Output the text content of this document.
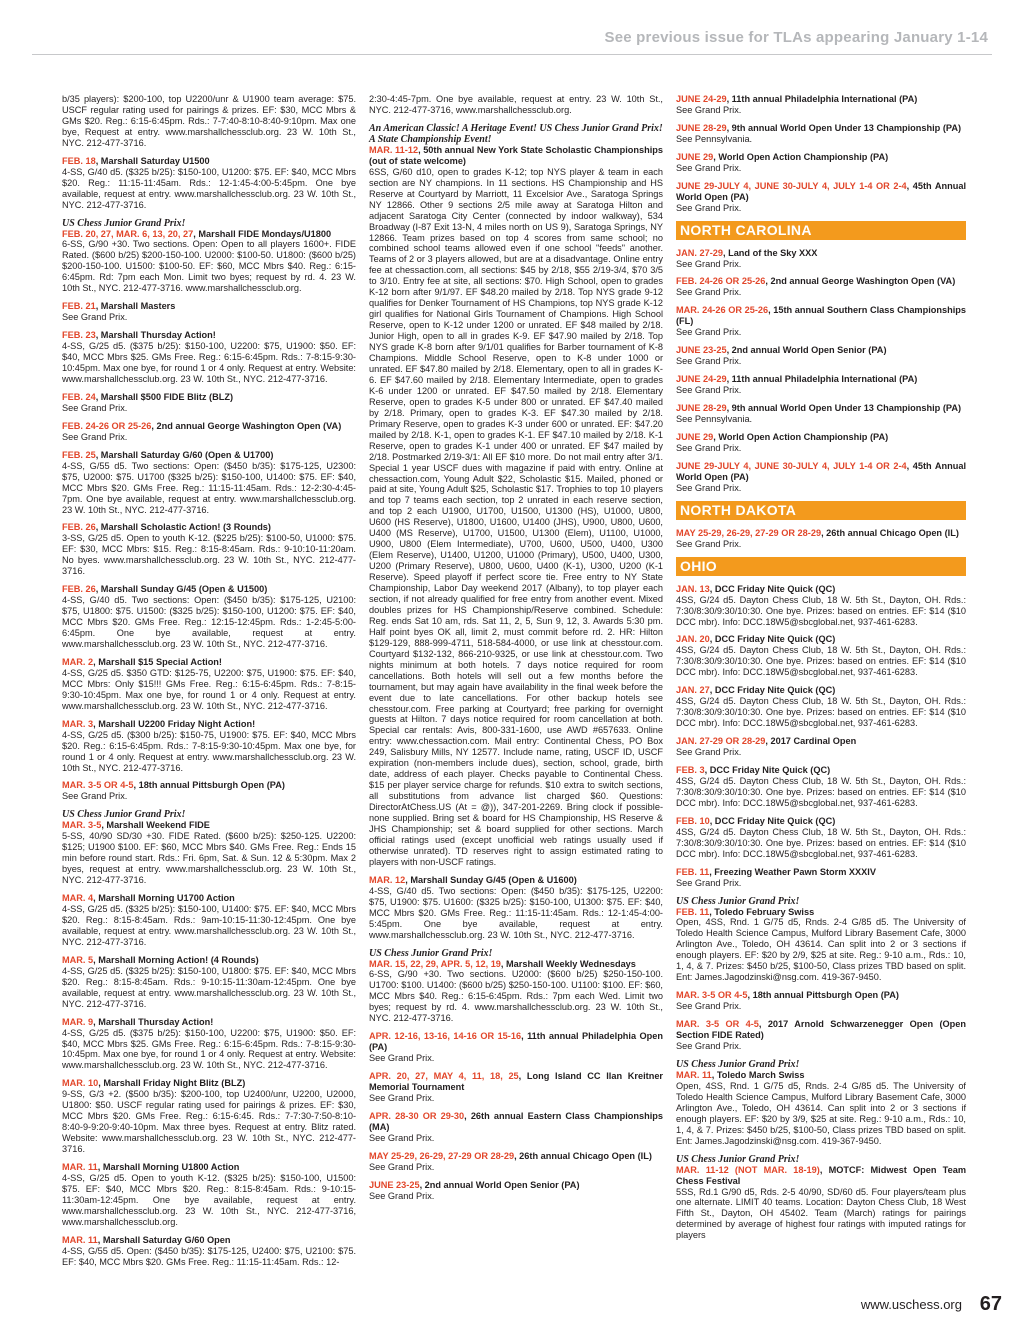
See previous issue for TLAs appearing January 1-14

b/35 players): $200-100, top U2200/unr & U1900 team average: $75. USCF regular rating used for pairings & prizes. EF: $30, MCC Mbrs & GMs $20. Reg.: 6:15-6:45pm. Rds.: 7-7:40-8:10-8:40-9:10pm. Max one bye, Request at entry. www.marshallchessclub.org. 23 W. 10th St., NYC. 212-477-3716.

FEB. 18, Marshall Saturday U1500
4-SS, G/40 d5. ($325 b/25): $150-100, U1200: $75. EF: $40, MCC Mbrs $20. Reg.: 11:15-11:45am. Rds.: 12-1:45-4:00-5:45pm. One bye available, request at entry. www.marshallchessclub.org. 23 W. 10th St., NYC. 212-477-3716.

US Chess Junior Grand Prix!

FEB. 20, 27, MAR. 6, 13, 20, 27, Marshall FIDE Mondays/U1800
6-SS, G/90 +30. Two sections. Open: Open to all players 1600+. FIDE Rated. ($600 b/25) $200-150-100. U2000: $100-50. U1800: ($600 b/25) $200-150-100. U1500: $100-50. EF: $60, MCC Mbrs $40. Reg.: 6:15-6:45pm. Rd: 7pm each Mon. Limit two byes; request by rd. 4. 23 W. 10th St., NYC. 212-477-3716. www.marshallchessclub.org.

FEB. 21, Marshall Masters
See Grand Prix.

FEB. 23, Marshall Thursday Action!
4-SS, G/25 d5. ($375 b/25): $150-100, U2200: $75, U1900: $50. EF: $40, MCC Mbrs $25. GMs Free. Reg.: 6:15-6:45pm. Rds.: 7-8:15-9:30-10:45pm. Max one bye, for round 1 or 4 only. Request at entry. Website: www.marshallchessclub.org. 23 W. 10th St., NYC. 212-477-3716.

FEB. 24, Marshall $500 FIDE Blitz (BLZ)
See Grand Prix.

FEB. 24-26 OR 25-26, 2nd annual George Washington Open (VA)
See Grand Prix.

FEB. 25, Marshall Saturday G/60 (Open & U1700)
4-SS, G/55 d5. Two sections: Open: ($450 b/35): $175-125, U2300: $75, U2000: $75. U1700 ($325 b/25): $150-100, U1400: $75. EF: $40, MCC Mbrs $20. GMs Free. Reg.: 11:15-11:45am. Rds.: 12-2:30-4:45-7pm. One bye available, request at entry. www.marshallchessclub.org. 23 W. 10th St., NYC. 212-477-3716.

FEB. 26, Marshall Scholastic Action! (3 Rounds)
3-SS, G/25 d5. Open to youth K-12. ($225 b/25): $100-50, U1000: $75. EF: $30, MCC Mbrs: $15. Reg.: 8:15-8:45am. Rds.: 9-10:10-11:20am. No byes. www.marshallchessclub.org. 23 W. 10th St., NYC. 212-477-3716.

FEB. 26, Marshall Sunday G/45 (Open & U1500)
4-SS, G/40 d5. Two sections: Open: ($450 b/35): $175-125, U2100: $75, U1800: $75. U1500: ($325 b/25): $150-100, U1200: $75. EF: $40, MCC Mbrs $20. GMs Free. Reg.: 12:15-12:45pm. Rds.: 1-2:45-5:00-6:45pm. One bye available, request at entry. www.marshallchessclub.org. 23 W. 10th St., NYC. 212-477-3716.

MAR. 2, Marshall $15 Special Action!
4-SS, G/25 d5. $350 GTD: $125-75, U2200: $75, U1900: $75. EF: $40, MCC Mbrs: Only $15!!! GMs Free. Reg.: 6:15-6:45pm. Rds.: 7-8:15-9:30-10:45pm. Max one bye, for round 1 or 4 only. Request at entry. www.marshallchessclub.org. 23 W. 10th St., NYC. 212-477-3716.

MAR. 3, Marshall U2200 Friday Night Action!
4-SS, G/25 d5. ($300 b/25): $150-75, U1900: $75. EF: $40, MCC Mbrs $20. Reg.: 6:15-6:45pm. Rds.: 7-8:15-9:30-10:45pm. Max one bye, for round 1 or 4 only. Request at entry. www.marshallchessclub.org. 23 W. 10th St., NYC. 212-477-3716.

MAR. 3-5 OR 4-5, 18th annual Pittsburgh Open (PA)
See Grand Prix.

US Chess Junior Grand Prix!

MAR. 3-5, Marshall Weekend FIDE
5-SS, 40/90 SD/30 +30. FIDE Rated. ($600 b/25): $250-125. U2200: $125; U1900 $100. EF: $60, MCC Mbrs $40. GMs Free. Reg.: Ends 15 min before round start. Rds.: Fri. 6pm, Sat. & Sun. 12 & 5:30pm. Max 2 byes, request at entry. www.marshallchessclub.org. 23 W. 10th St., NYC. 212-477-3716.

MAR. 4, Marshall Morning U1700 Action
4-SS, G/25 d5. ($325 b/25): $150-100, U1400: $75. EF: $40, MCC Mbrs $20. Reg.: 8:15-8:45am. Rds.: 9am-10:15-11:30-12:45pm. One bye available, request at entry. www.marshallchessclub.org. 23 W. 10th St., NYC. 212-477-3716.

MAR. 5, Marshall Morning Action! (4 Rounds)
4-SS, G/25 d5. ($325 b/25): $150-100, U1800: $75. EF: $40, MCC Mbrs $20. Reg.: 8:15-8:45am. Rds.: 9-10:15-11:30am-12:45pm. One bye available, request at entry. www.marshallchessclub.org. 23 W. 10th St., NYC. 212-477-3716.

MAR. 9, Marshall Thursday Action!
4-SS, G/25 d5. ($375 b/25): $150-100, U2200: $75, U1900: $50. EF: $40, MCC Mbrs $25. GMs Free. Reg.: 6:15-6:45pm. Rds.: 7-8:15-9:30-10:45pm. Max one bye, for round 1 or 4 only. Request at entry. Website: www.marshallchessclub.org. 23 W. 10th St., NYC. 212-477-3716.

MAR. 10, Marshall Friday Night Blitz (BLZ)
9-SS, G/3 +2. ($500 b/35): $200-100, top U2400/unr, U2200, U2000, U1800: $50. USCF regular rating used for pairings & prizes. EF: $30, MCC Mbrs $20. GMs Free. Reg.: 6:15-6:45. Rds.: 7-7:30-7:50-8:10-8:40-9-9:20-9:40-10pm. Max three byes. Request at entry. Blitz rated. Website: www.marshallchessclub.org. 23 W. 10th St., NYC. 212-477-3716.

MAR. 11, Marshall Morning U1800 Action
4-SS, G/25 d5. Open to youth K-12. ($325 b/25): $150-100, U1500: $75. EF: $40, MCC Mbrs $20. Reg.: 8:15-8:45am. Rds.: 9-10:15-11:30am-12:45pm. One bye available, request at entry. www.marshallchessclub.org. 23 W. 10th St., NYC. 212-477-3716, www.marshallchessclub.org.

MAR. 11, Marshall Saturday G/60 Open
4-SS, G/55 d5. Open: ($450 b/35): $175-125, U2400: $75, U2100: $75. EF: $40, MCC Mbrs $20. GMs Free. Reg.: 11:15-11:45am. Rds.: 12-

2:30-4:45-7pm. One bye available, request at entry. 23 W. 10th St., NYC. 212-477-3716, www.marshallchessclub.org.

An American Classic! A Heritage Event! US Chess Junior Grand Prix! A State Championship Event!

MAR. 11-12, 50th annual New York State Scholastic Championships (out of state welcome)
6SS, G/60 d10, open to grades K-12; top NYS player & team in each section are NY champions. In 11 sections. HS Championship and HS Reserve at Courtyard by Marriott, 11 Excelsior Ave., Saratoga Springs NY 12866. Other 9 sections 2/5 mile away at Saratoga Hilton and adjacent Saratoga City Center (connected by indoor walkway), 534 Broadway (I-87 Exit 13-N, 4 miles north on US 9), Saratoga Springs, NY 12866. Team prizes based on top 4 scores from same school; no combined school teams allowed even if one school "feeds" another. Teams of 2 or 3 players allowed, but are at a disadvantage. Online entry fee at chessaction.com, all sections: $45 by 2/18, $55 2/19-3/4, $70 3/5 to 3/10. Entry fee at site, all sections: $70. High School, open to grades K-12 born after 9/1/97. EF $48.20 mailed by 2/18. Top NYS grade 9-12 qualifies for Denker Tournament of HS Champions, top NYS grade K-12 girl qualifies for National Girls Tournament of Champions. High School Reserve, open to K-12 under 1200 or unrated. EF $48 mailed by 2/18. Junior High, open to all in grades K-9. EF $47.90 mailed by 2/18. Top NYS grade K-8 born after 9/1/01 qualifies for Barber tournament of K-8 Champions. Middle School Reserve, open to K-8 under 1000 or unrated. EF $47.80 mailed by 2/18. Elementary, open to all in grades K-6. EF $47.60 mailed by 2/18. Elementary Intermediate, open to grades K-6 under 1200 or unrated. EF $47.50 mailed by 2/18. Elementary Reserve, open to grades K-5 under 800 or unrated. EF $47.40 mailed by 2/18. Primary, open to grades K-3. EF $47.30 mailed by 2/18. Primary Reserve, open to grades K-3 under 600 or unrated. EF: $47.20 mailed by 2/18. K-1, open to grades K-1. EF $47.10 mailed by 2/18. K-1 Reserve, open to grades K-1 under 400 or unrated. EF $47 mailed by 2/18. Postmarked 2/19-3/1: All EF $10 more. Do not mail entry after 3/1. Special 1 year USCF dues with magazine if paid with entry. Online at chessaction.com, Young Adult $22, Scholastic $15. Mailed, phoned or paid at site, Young Adult $25, Scholastic $17. Trophies to top 10 players and top 7 teams each section, top 2 unrated in each reserve section, and top 2 each U1900, U1700, U1500, U1300 (HS), U1000, U800, U600 (HS Reserve), U1800, U1600, U1400 (JHS), U900, U800, U600, U400 (MS Reserve), U1700, U1500, U1300 (Elem), U1100, U1000, U900, U800 (Elem Intermediate), U700, U600, U500, U400, U300 (Elem Reserve), U1400, U1200, U1000 (Primary), U500, U400, U300, U200 (Primary Reserve), U800, U600, U400 (K-1), U300, U200 (K-1 Reserve). Speed playoff if perfect score tie. Free entry to NY State Championship, Labor Day weekend 2017 (Albany), to top player each section, if not already qualified for free entry from another event. Mixed doubles prizes for HS Championship/Reserve combined. Schedule: Reg. ends Sat 10 am, rds. Sat 11, 2, 5, Sun 9, 12, 3. Awards 5:30 pm. Half point byes OK all, limit 2, must commit before rd. 2. HR: Hilton $129-129, 888-999-4711, 518-584-4000, or use link at chesstour.com. Courtyard $132-132, 866-210-9325, or use link at chesstour.com. Two nights minimum at both hotels. 7 days notice required for room cancellations. Both hotels will sell out a few months before the tournament, but may again have availability in the final week before the event due to late cancellations. For other backup hotels see chesstour.com. Free parking at Courtyard; free parking for overnight guests at Hilton. 7 days notice required for room cancellation at both. Special car rentals: Avis, 800-331-1600, use AWD #657633. Online entry: www.chessaction.com. Mail entry: Continental Chess, PO Box 249, Salisbury Mills, NY 12577. Include name, rating, USCF ID, USCF expiration (non-members include dues), section, school, grade, birth date, address of each player. Checks payable to Continental Chess. $15 per player service charge for refunds. $10 extra to switch sections, all substitutions from advance list charged $60. Questions: DirectorAtChess.US (At = @)), 347-201-2269. Bring clock if possible- none supplied. Bring set & board for HS Championship, HS Reserve & JHS Championship; set & board supplied for other sections. March official ratings used (except unofficial web ratings usually used if otherwise unrated). TD reserves right to assign estimated rating to players with non-USCF ratings.

MAR. 12, Marshall Sunday G/45 (Open & U1600)
4-SS, G/40 d5. Two sections: Open: ($450 b/35): $175-125, U2200: $75, U1900: $75. U1600: ($325 b/25): $150-100, U1300: $75. EF: $40, MCC Mbrs $20. GMs Free. Reg.: 11:15-11:45am. Rds.: 12-1:45-4:00-5:45pm. One bye available, request at entry. www.marshallchessclub.org. 23 W. 10th St., NYC. 212-477-3716.

US Chess Junior Grand Prix!

MAR. 15, 22, 29, APR. 5, 12, 19, Marshall Weekly Wednesdays
6-SS, G/90 +30. Two sections. U2000: ($600 b/25) $250-150-100. U1700: $100. U1400: ($600 b/25) $250-150-100. U1100: $100. EF: $60, MCC Mbrs $40. Reg.: 6:15-6:45pm. Rds.: 7pm each Wed. Limit two byes; request by rd. 4. www.marshallchessclub.org. 23 W. 10th St., NYC. 212-477-3716.

APR. 12-16, 13-16, 14-16 OR 15-16, 11th annual Philadelphia Open (PA)
See Grand Prix.

APR. 20, 27, MAY 4, 11, 18, 25, Long Island CC Ilan Kreitner Memorial Tournament
See Grand Prix.

APR. 28-30 OR 29-30, 26th annual Eastern Class Championships (MA)
See Grand Prix.

MAY 25-29, 26-29, 27-29 OR 28-29, 26th annual Chicago Open (IL)
See Grand Prix.

JUNE 23-25, 2nd annual World Open Senior (PA)
See Grand Prix.

JUNE 24-29, 11th annual Philadelphia International (PA)
See Grand Prix.

JUNE 28-29, 9th annual World Open Under 13 Championship (PA)
See Pennsylvania.

JUNE 29, World Open Action Championship (PA)
See Grand Prix.

JUNE 29-JULY 4, JUNE 30-JULY 4, JULY 1-4 OR 2-4, 45th Annual World Open (PA)
See Grand Prix.

NORTH CAROLINA

JAN. 27-29, Land of the Sky XXX
See Grand Prix.

FEB. 24-26 OR 25-26, 2nd annual George Washington Open (VA)
See Grand Prix.

MAR. 24-26 OR 25-26, 15th annual Southern Class Championships (FL)
See Grand Prix.

JUNE 23-25, 2nd annual World Open Senior (PA)
See Grand Prix.

JUNE 24-29, 11th annual Philadelphia International (PA)
See Grand Prix.

JUNE 28-29, 9th annual World Open Under 13 Championship (PA)
See Pennsylvania.

JUNE 29, World Open Action Championship (PA)
See Grand Prix.

JUNE 29-JULY 4, JUNE 30-JULY 4, JULY 1-4 OR 2-4, 45th Annual World Open (PA)
See Grand Prix.

NORTH DAKOTA

MAY 25-29, 26-29, 27-29 OR 28-29, 26th annual Chicago Open (IL)
See Grand Prix.

OHIO

JAN. 13, DCC Friday Nite Quick (QC)
4SS, G/24 d5. Dayton Chess Club, 18 W. 5th St., Dayton, OH. Rds.: 7:30/8:30/9:30/10:30. One bye. Prizes: based on entries. EF: $14 ($10 DCC mbr). Info: DCC.18W5@sbcglobal.net, 937-461-6283.

JAN. 20, DCC Friday Nite Quick (QC)
4SS, G/24 d5. Dayton Chess Club, 18 W. 5th St., Dayton, OH. Rds.: 7:30/8:30/9:30/10:30. One bye. Prizes: based on entries. EF: $14 ($10 DCC mbr). Info: DCC.18W5@sbcglobal.net, 937-461-6283.

JAN. 27, DCC Friday Nite Quick (QC)
4SS, G/24 d5. Dayton Chess Club, 18 W. 5th St., Dayton, OH. Rds.: 7:30/8:30/9:30/10:30. One bye. Prizes: based on entries. EF: $14 ($10 DCC mbr). Info: DCC.18W5@sbcglobal.net, 937-461-6283.

JAN. 27-29 OR 28-29, 2017 Cardinal Open
See Grand Prix.

FEB. 3, DCC Friday Nite Quick (QC)
4SS, G/24 d5. Dayton Chess Club, 18 W. 5th St., Dayton, OH. Rds.: 7:30/8:30/9:30/10:30. One bye. Prizes: based on entries. EF: $14 ($10 DCC mbr). Info: DCC.18W5@sbcglobal.net, 937-461-6283.

FEB. 10, DCC Friday Nite Quick (QC)
4SS, G/24 d5. Dayton Chess Club, 18 W. 5th St., Dayton, OH. Rds.: 7:30/8:30/9:30/10:30. One bye. Prizes: based on entries. EF: $14 ($10 DCC mbr). Info: DCC.18W5@sbcglobal.net, 937-461-6283.

FEB. 11, Freezing Weather Pawn Storm XXXIV
See Grand Prix.

US Chess Junior Grand Prix!

FEB. 11, Toledo February Swiss
Open, 4SS, Rnd. 1 G/75 d5, Rnds. 2-4 G/85 d5. The University of Toledo Health Science Campus, Mulford Library Basement Cafe, 3000 Arlington Ave., Toledo, OH 43614. Can split into 2 or 3 sections if enough players. EF: $20 by 2/9, $25 at site. Reg.: 9-10 a.m., Rds.: 10, 1, 4, & 7. Prizes: $450 b/25, $100-50, Class prizes TBD based on split. Ent: James.Jagodzinski@nsg.com. 419-367-9450.

MAR. 3-5 OR 4-5, 18th annual Pittsburgh Open (PA)
See Grand Prix.

MAR. 3-5 OR 4-5, 2017 Arnold Schwarzenegger Open (Open Section FIDE Rated)
See Grand Prix.

US Chess Junior Grand Prix!

MAR. 11, Toledo March Swiss
Open, 4SS, Rnd. 1 G/75 d5, Rnds. 2-4 G/85 d5. The University of Toledo Health Science Campus, Mulford Library Basement Cafe, 3000 Arlington Ave., Toledo, OH 43614. Can split into 2 or 3 sections if enough players. EF: $20 by 3/9, $25 at site. Reg.: 9-10 a.m., Rds.: 10, 1, 4, & 7. Prizes: $450 b/25, $100-50, Class prizes TBD based on split. Ent: James.Jagodzinski@nsg.com. 419-367-9450.

US Chess Junior Grand Prix!

MAR. 11-12 (NOT MAR. 18-19), MOTCF: Midwest Open Team Chess Festival
5SS, Rd.1 G/90 d5, Rds. 2-5 40/90, SD/60 d5. Four players/team plus one alternate. LIMIT 40 teams. Location: Dayton Chess Club, 18 West Fifth St., Dayton, OH 45402. Team (March) ratings for pairings determined by average of highest four ratings with imputed ratings for players

www.uschess.org 67
